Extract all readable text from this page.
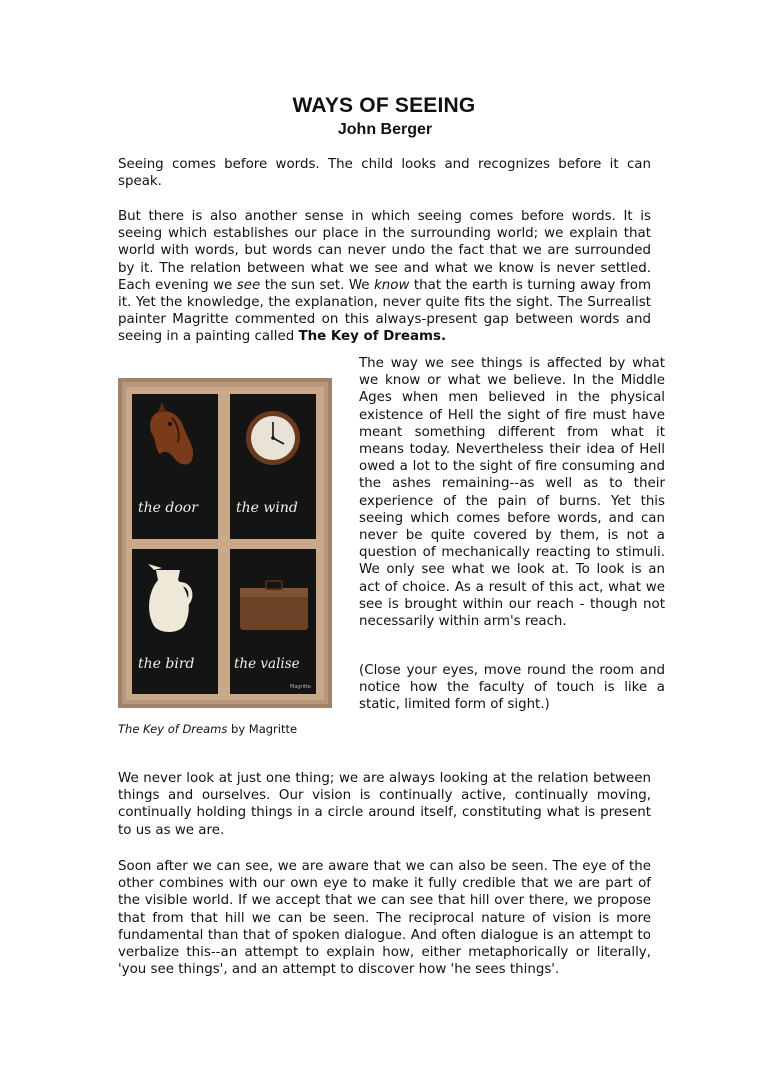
WAYS OF SEEING
John Berger

Seeing comes before words. The child looks and recognizes before it can speak.

But there is also another sense in which seeing comes before words. It is seeing which establishes our place in the surrounding world; we explain that world with words, but words can never undo the fact that we are surrounded by it. The relation between what we see and what we know is never settled. Each evening we see the sun set. We know that the earth is turning away from it. Yet the knowledge, the explanation, never quite fits the sight. The Surrealist painter Magritte commented on this always-present gap between words and seeing in a painting called The Key of Dreams.

The way we see things is affected by what we know or what we believe. In the Middle Ages when men believed in the physical existence of Hell the sight of fire must have meant something different from what it means today. Nevertheless their idea of Hell owed a lot to the sight of fire consuming and the ashes remaining--as well as to their experience of the pain of burns. Yet this seeing which comes before words, and can never be quite covered by them, is not a question of mechanically reacting to stimuli. We only see what we look at. To look is an act of choice. As a result of this act, what we see is brought within our reach - though not necessarily within arm's reach.

(Close your eyes, move round the room and notice how the faculty of touch is like a static, limited form of sight.)

the door	the wind
the bird	the valise
Magritte
The Key of Dreams by Magritte

We never look at just one thing; we are always looking at the relation between things and ourselves. Our vision is continually active, continually moving, continually holding things in a circle around itself, constituting what is present to us as we are.

Soon after we can see, we are aware that we can also be seen. The eye of the other combines with our own eye to make it fully credible that we are part of the visible world. If we accept that we can see that hill over there, we propose that from that hill we can be seen. The reciprocal nature of vision is more fundamental than that of spoken dialogue. And often dialogue is an attempt to verbalize this--an attempt to explain how, either metaphorically or literally, 'you see things', and an attempt to discover how 'he sees things'.
